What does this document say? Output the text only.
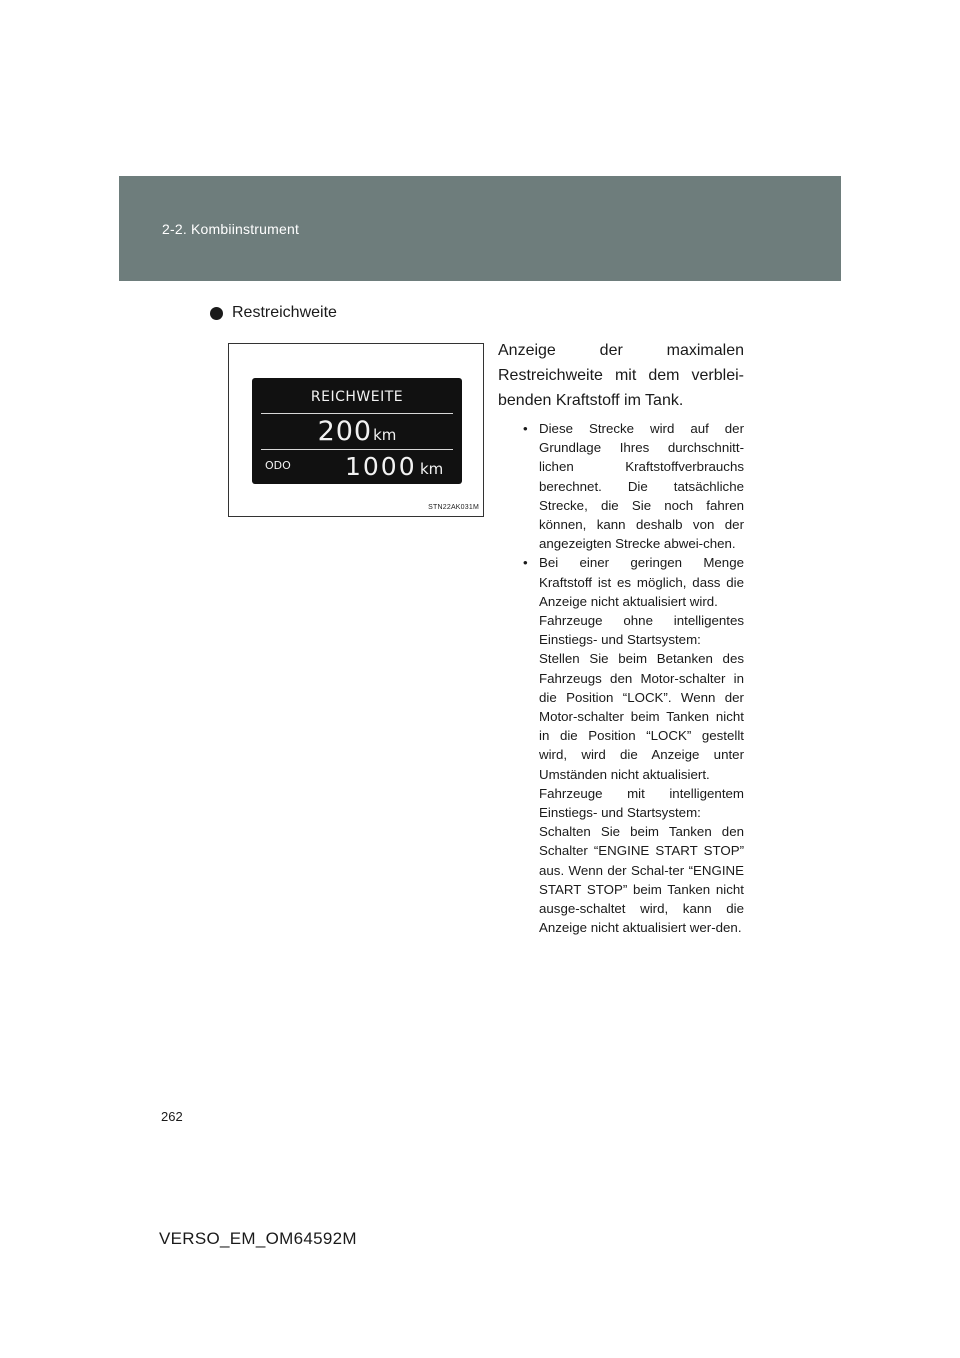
2-2. Kombiinstrument
Restreichweite
REICHWEITE
200km
ODO 1000 km
STN22AK031M
Anzeige der maximalen Restreichweite mit dem verblei-benden Kraftstoff im Tank.
• Diese Strecke wird auf der Grundlage Ihres durchschnitt-lichen Kraftstoffverbrauchs berechnet. Die tatsächliche Strecke, die Sie noch fahren können, kann deshalb von der angezeigten Strecke abwei-chen.

• Bei einer geringen Menge Kraftstoff ist es möglich, dass die Anzeige nicht aktualisiert wird.

Fahrzeuge ohne intelligentes Einstiegs- und Startsystem:

Stellen Sie beim Betanken des Fahrzeugs den Motor-schalter in die Position “LOCK”. Wenn der Motor-schalter beim Tanken nicht in die Position “LOCK” gestellt wird, wird die Anzeige unter Umständen nicht aktualisiert.

Fahrzeuge mit intelligentem Einstiegs- und Startsystem:

Schalten Sie beim Tanken den Schalter “ENGINE START STOP” aus. Wenn der Schal-ter “ENGINE START STOP” beim Tanken nicht ausge-schaltet wird, kann die Anzeige nicht aktualisiert wer-den.

262
VERSO_EM_OM64592M
